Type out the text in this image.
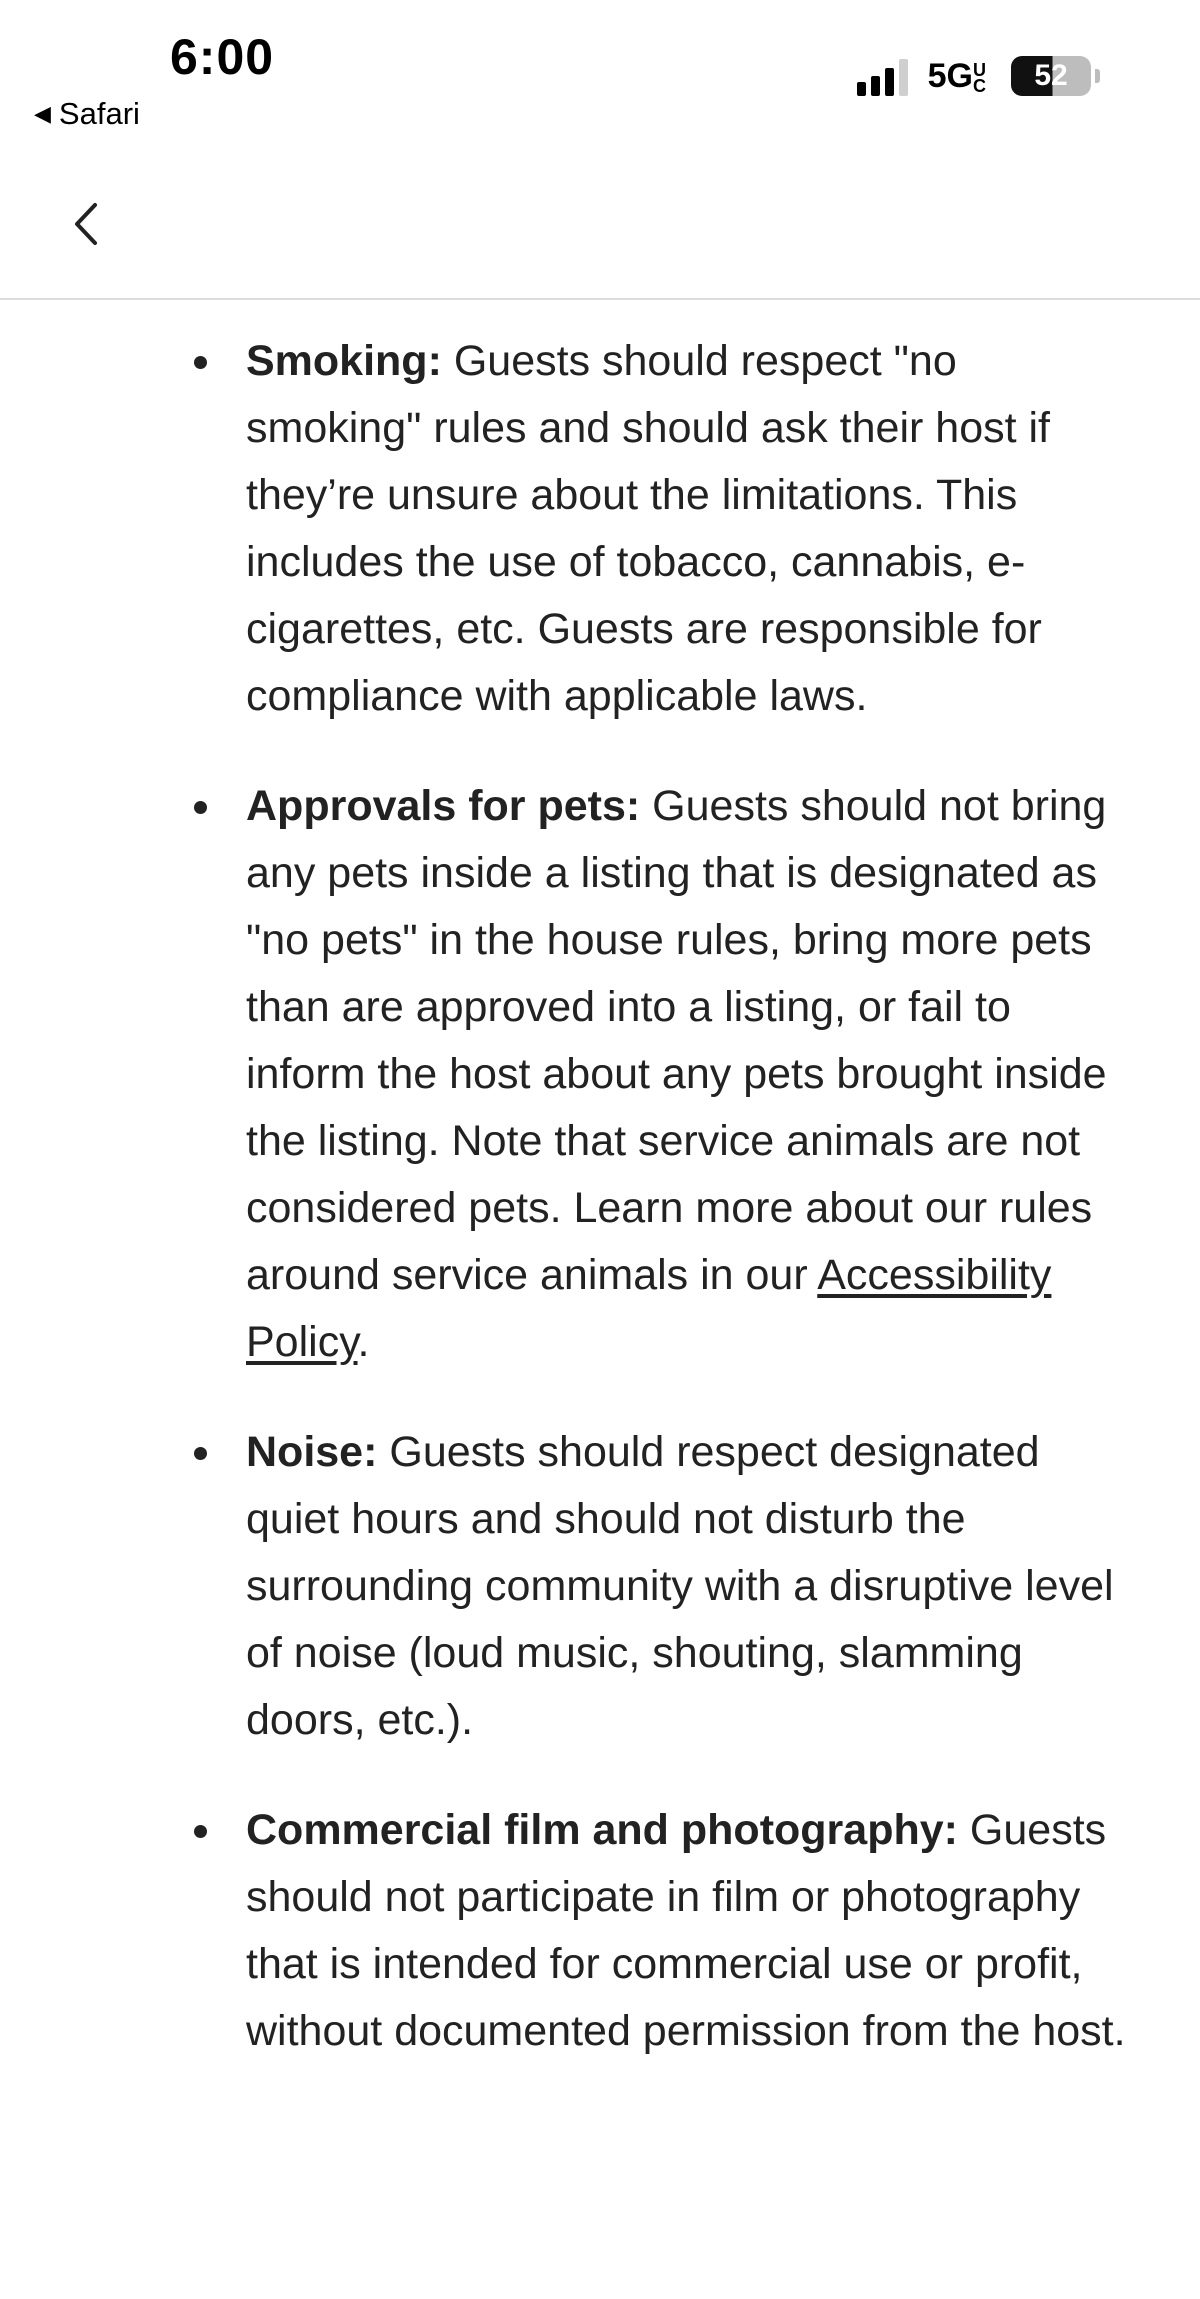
6:00
◀ Safari
5GUC	52
Smoking: Guests should respect "no smoking" rules and should ask their host if they’re unsure about the limitations. This includes the use of tobacco, cannabis, e-cigarettes, etc. Guests are responsible for compliance with applicable laws.
Approvals for pets: Guests should not bring any pets inside a listing that is designated as "no pets" in the house rules, bring more pets than are approved into a listing, or fail to inform the host about any pets brought inside the listing. Note that service animals are not considered pets. Learn more about our rules around service animals in our Accessibility Policy.
Noise: Guests should respect designated quiet hours and should not disturb the surrounding community with a disruptive level of noise (loud music, shouting, slamming doors, etc.).
Commercial film and photography: Guests should not participate in film or photography that is intended for commercial use or profit, without documented permission from the host.
